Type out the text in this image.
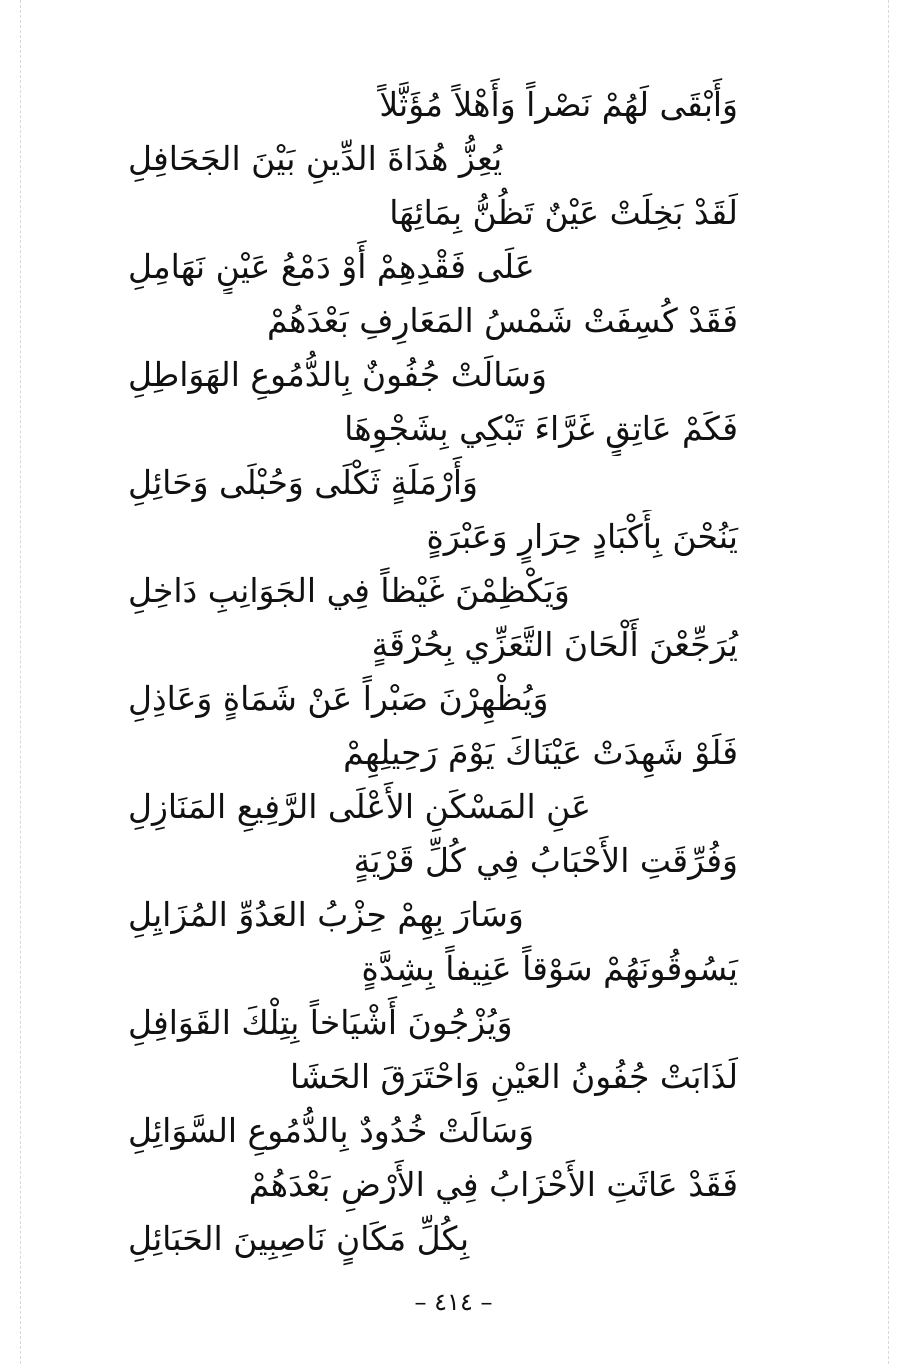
وَأَبْقَى لَهُمْ نَصْراً وَأَهْلاً مُؤَثَّلاً
يُعِزُّ هُدَاةَ الدِّينِ بَيْنَ الجَحَافِلِ
لَقَدْ بَخِلَتْ عَيْنٌ تَظُنُّ بِمَائِهَا
عَلَى فَقْدِهِمْ أَوْ دَمْعُ عَيْنٍ نَهَامِلِ
فَقَدْ كُسِفَتْ شَمْسُ المَعَارِفِ بَعْدَهُمْ
وَسَالَتْ جُفُونٌ بِالدُّمُوعِ الهَوَاطِلِ
فَكَمْ عَاتِقٍ غَرَّاءَ تَبْكِي بِشَجْوِهَا
وَأَرْمَلَةٍ ثَكْلَى وَحُبْلَى وَحَائِلِ
يَنُحْنَ بِأَكْبَادٍ حِرَارٍ وَعَبْرَةٍ
وَيَكْظِمْنَ غَيْظاً فِي الجَوَانِبِ دَاخِلِ
يُرَجِّعْنَ أَلْحَانَ التَّعَزِّي بِحُرْقَةٍ
وَيُظْهِرْنَ صَبْراً عَنْ شَمَاةٍ وَعَاذِلِ
فَلَوْ شَهِدَتْ عَيْنَاكَ يَوْمَ رَحِيلِهِمْ
عَنِ المَسْكَنِ الأَعْلَى الرَّفِيعِ المَنَازِلِ
وَفُرِّقَتِ الأَحْبَابُ فِي كُلِّ قَرْيَةٍ
وَسَارَ بِهِمْ حِزْبُ العَدُوِّ المُزَايِلِ
يَسُوقُونَهُمْ سَوْقاً عَنِيفاً بِشِدَّةٍ
وَيُزْجُونَ أَشْيَاخاً بِتِلْكَ القَوَافِلِ
لَذَابَتْ جُفُونُ العَيْنِ وَاحْتَرَقَ الحَشَا
وَسَالَتْ خُدُودٌ بِالدُّمُوعِ السَّوَائِلِ
فَقَدْ عَاثَتِ الأَحْزَابُ فِي الأَرْضِ بَعْدَهُمْ
بِكُلِّ مَكَانٍ نَاصِبِينَ الحَبَائِلِ
– ٤١٤ –
